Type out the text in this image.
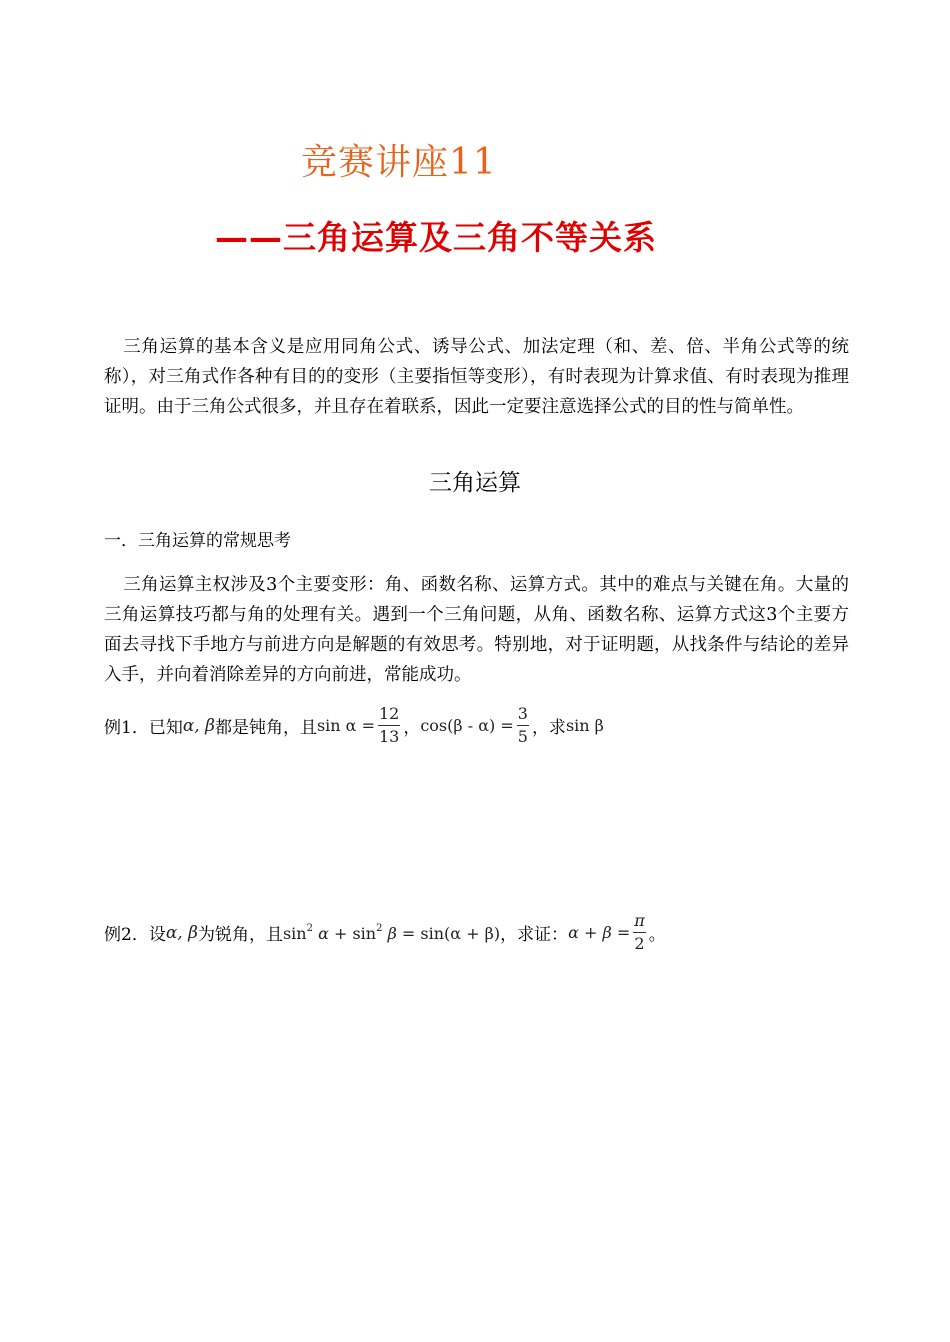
竞赛讲座11
——三角运算及三角不等关系

三角运算的基本含义是应用同角公式、诱导公式、加法定理（和、差、倍、半角公式等的统称），对三角式作各种有目的的变形（主要指恒等变形），有时表现为计算求值、有时表现为推理证明。由于三角公式很多，并且存在着联系，因此一定要注意选择公式的目的性与简单性。

三角运算
一．三角运算的常规思考

三角运算主权涉及3个主要变形：角、函数名称、运算方式。其中的难点与关键在角。大量的三角运算技巧都与角的处理有关。遇到一个三角问题，从角、函数名称、运算方式这3个主要方面去寻找下手地方与前进方向是解题的有效思考。特别地，对于证明题，从找条件与结论的差异入手，并向着消除差异的方向前进，常能成功。

例1．已知 α, β 都是钝角，且 $\sin \alpha = \frac{12}{13}$ ， $\cos(\beta - \alpha) = \frac{3}{5}$ ，求 sin β
例2．设 α, β 为锐角，且 $\sin^2 \alpha + \sin^2 \beta = \sin(\alpha + \beta)$ ，求证： $\alpha + \beta = \frac{\pi}{2}$ 。
